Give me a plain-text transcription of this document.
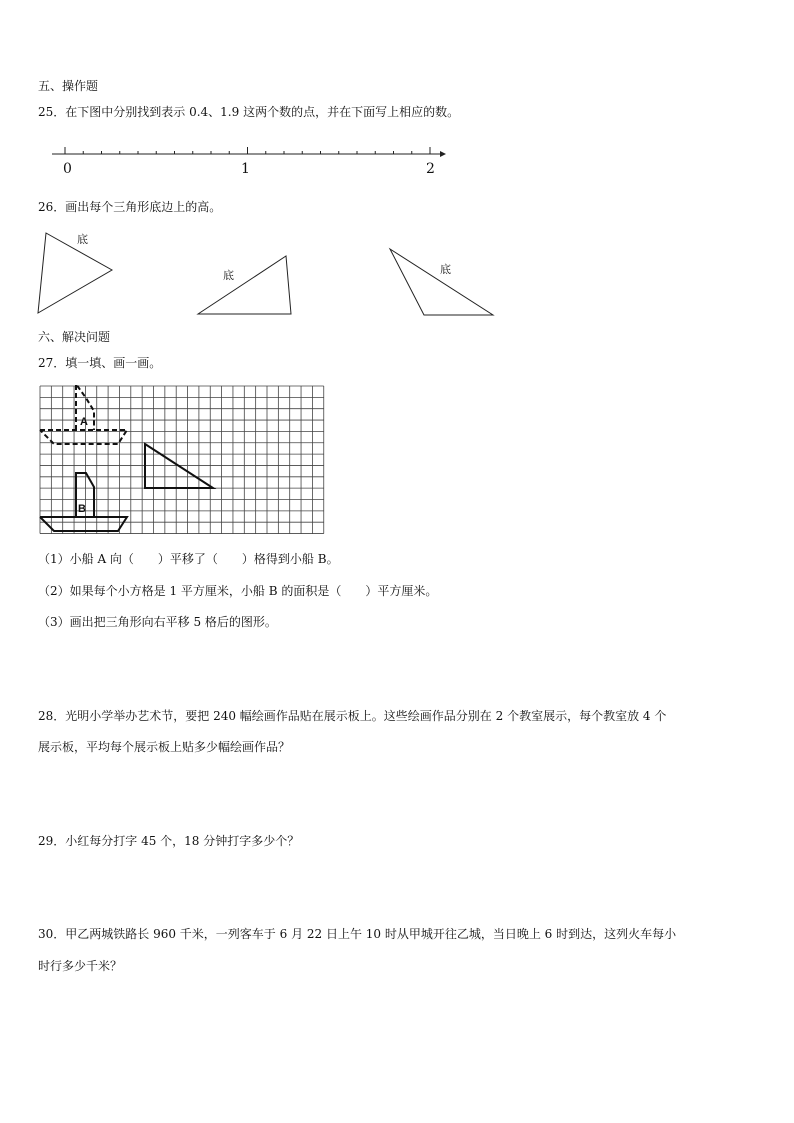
五、操作题
25．在下图中分别找到表示 0.4、1.9 这两个数的点，并在下面写上相应的数。
0	1	2
26．画出每个三角形底边上的高。
底
底	底
六、解决问题
27．填一填、画一画。
A
B
（1）小船 A 向（　　）平移了（　　）格得到小船 B。
（2）如果每个小方格是 1 平方厘米，小船 B 的面积是（　　）平方厘米。
（3）画出把三角形向右平移 5 格后的图形。
28．光明小学举办艺术节，要把 240 幅绘画作品贴在展示板上。这些绘画作品分别在 2 个教室展示，每个教室放 4 个
展示板，平均每个展示板上贴多少幅绘画作品？
29．小红每分打字 45 个，18 分钟打字多少个？
30．甲乙两城铁路长 960 千米，一列客车于 6 月 22 日上午 10 时从甲城开往乙城，当日晚上 6 时到达，这列火车每小
时行多少千米？
